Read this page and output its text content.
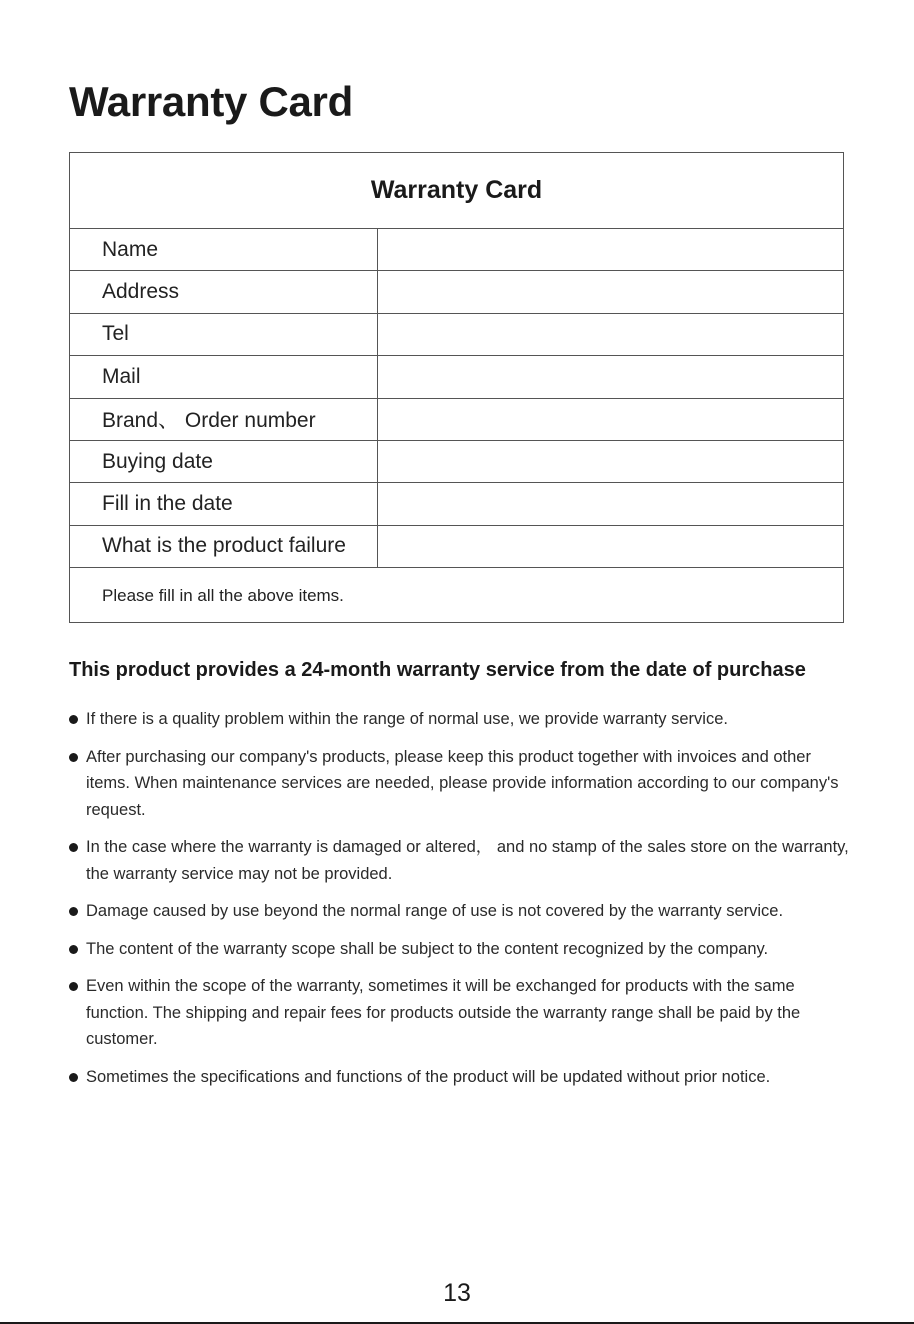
Warranty Card
Warranty Card
Name
Address
Tel
Mail
Brand、 Order number
Buying date
Fill in the date
What is the product failure
Please fill in all the above items.
This product provides a 24-month warranty service from the date of purchase
If there is a quality problem within the range of normal use, we provide warranty service.
After purchasing our company's products, please keep this product together with invoices and other items. When maintenance services are needed, please provide information according to our company's request.
In the case where the warranty is damaged or altered， and no stamp of the sales store on the warranty, the warranty service may not be provided.
Damage caused by use beyond the normal range of use is not covered by the warranty service.
The content of the warranty scope shall be subject to the content recognized by the company.
Even within the scope of the warranty, sometimes it will be exchanged for products with the same function. The shipping and repair fees for products outside the warranty range shall be paid by the customer.
Sometimes the specifications and functions of the product will be updated without prior notice.
13
